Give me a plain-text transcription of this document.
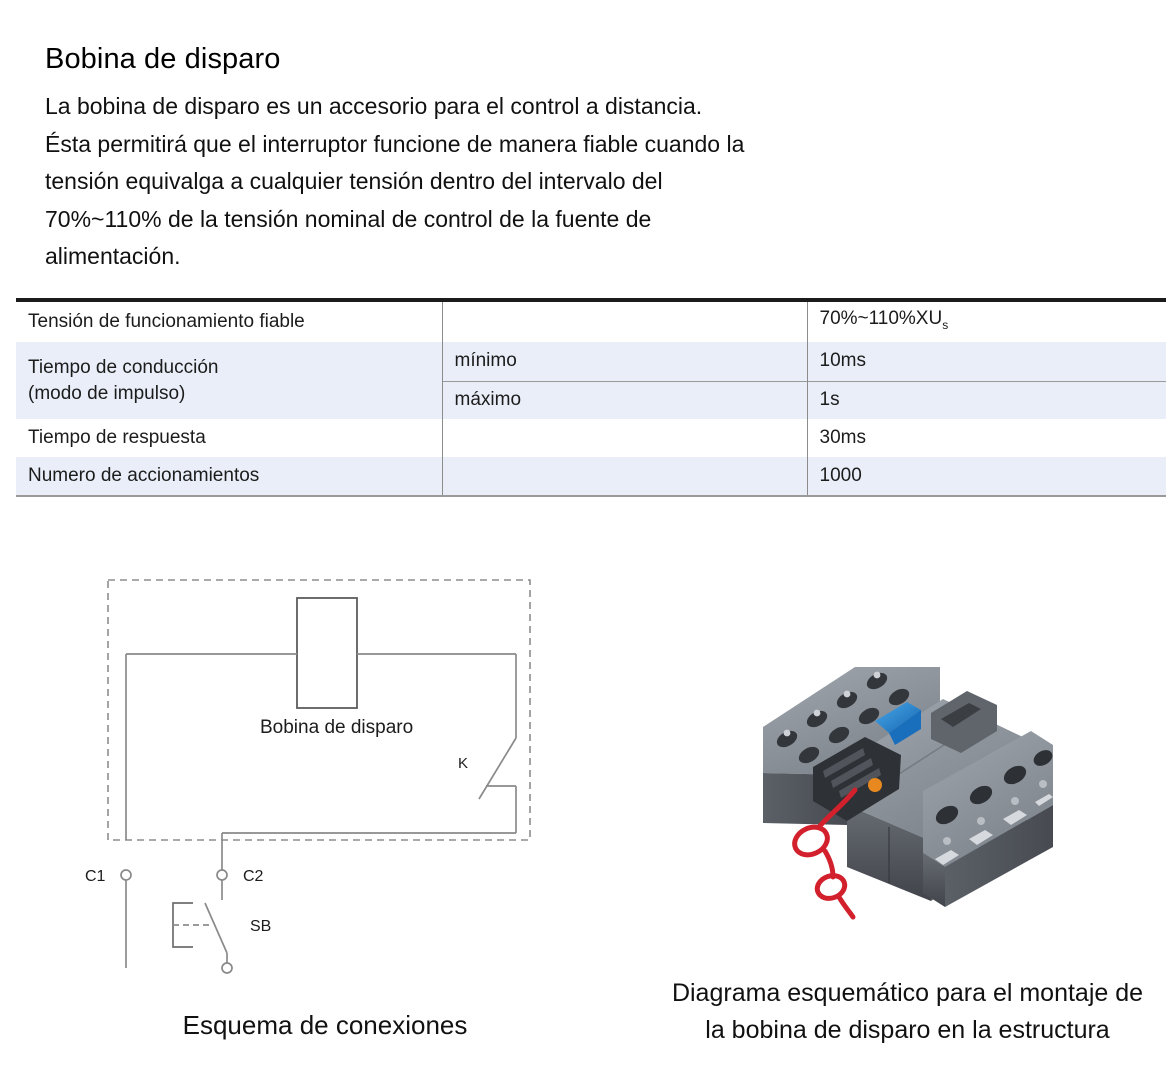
Bobina de disparo
La bobina de disparo es un accesorio para el control a distancia.
Ésta permitirá que el interruptor funcione de manera fiable cuando la
tensión equivalga a cualquier tensión dentro del intervalo del
70%~110% de la tensión nominal de control de la fuente de
alimentación.
Tensión de funcionamiento fiable		$70\%\sim 110\%XU_s$

Tiempo de conducción
(modo de impulso)	mínimo	10ms
	máximo	1s
Tiempo de respuesta		30ms
Numero de accionamientos		1000
Bobina de disparo
K
C1	C2
SB
Esquema de conexiones
Diagrama esquemático para el montaje de
la bobina de disparo en la estructura
